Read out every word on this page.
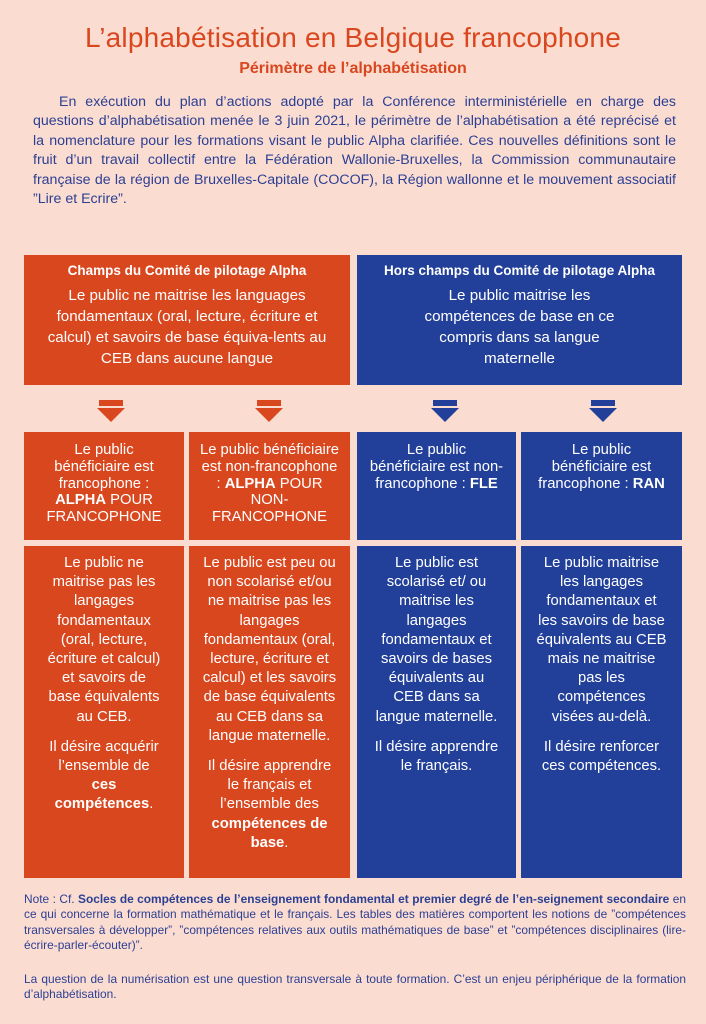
L’alphabétisation en Belgique francophone
Périmètre de l’alphabétisation

En exécution du plan d’actions adopté par la Conférence interministérielle en charge des questions d’alphabétisation menée le 3 juin 2021, le périmètre de l’alphabétisation a été reprécisé et la nomenclature pour les formations visant le public Alpha clarifiée. Ces nouvelles définitions sont le fruit d’un travail collectif entre la Fédération Wallonie-Bruxelles, la Commission communautaire française de la région de Bruxelles-Capitale (COCOF), la Région wallonne et le mouvement associatif ”Lire et Ecrire”.

Champs du Comité de pilotage Alpha
Le public ne maitrise les languages fondamentaux (oral, lecture, écriture et calcul) et savoirs de base équiva-lents au CEB dans aucune langue
Hors champs du Comité de pilotage Alpha
Le public maitrise les compétences de base en ce compris dans sa langue maternelle
Le public bénéficiaire est francophone : ALPHA POUR FRANCOPHONE
Le public bénéficiaire est non-francophone : ALPHA POUR NON-FRANCOPHONE
Le public bénéficiaire est non-francophone : FLE
Le public bénéficiaire est francophone : RAN

Le public ne maitrise pas les langages fondamentaux (oral, lecture, écriture et calcul) et savoirs de base équivalents au CEB.

Il désire acquérir l’ensemble de ces compétences.

Le public est peu ou non scolarisé et/ou ne maitrise pas les langages fondamentaux (oral, lecture, écriture et calcul) et les savoirs de base équivalents au CEB dans sa langue maternelle.

Il désire apprendre le français et l’ensemble des compétences de base.

Le public est scolarisé et/ ou maitrise les langages fondamentaux et savoirs de bases équivalents au CEB dans sa langue maternelle.

Il désire apprendre le français.

Le public maitrise les langages fondamentaux et les savoirs de base équivalents au CEB mais ne maitrise pas les compétences visées au-delà.

Il désire renforcer ces compétences.

Note : Cf. Socles de compétences de l’enseignement fondamental et premier degré de l’en-seignement secondaire en ce qui concerne la formation mathématique et le français. Les tables des matières comportent les notions de ”compétences transversales à développer”, ”compétences relatives aux outils mathématiques de base” et ”compétences disciplinaires (lire-écrire-parler-écouter)”.

La question de la numérisation est une question transversale à toute formation. C’est un enjeu périphérique de la formation d’alphabétisation.
